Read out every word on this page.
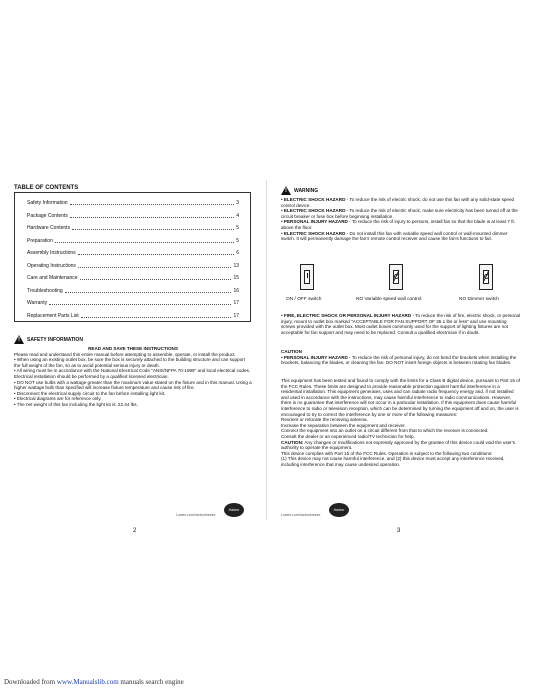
TABLE OF CONTENTS
Safety Information	3
Package Contents	4
Hardware Contents	5
Preparation	5
Assembly Instructions	6
Operating Instructions	13
Care and Maintenance	15
Troubleshooting	16
Warranty	17
Replacement Parts List	17
!
SAFETY INFORMATION

READ AND SAVE THESE INSTRUCTIONS

Please read and understand this entire manual before attempting to assemble, operate, or install the product.

• When using an existing outlet box, be sure the box is securely attached to the building structure and can support the full weight of the fan, so as to avoid potential serious injury or death.

• All wiring must be in accordance with the National Electrical Code "ANSI/NFPA 70-1999" and local electrical codes. Electrical installation should be performed by a qualified licensed electrician.

• DO NOT use bulbs with a wattage greater than the maximum value stated on the fixture and in this manual. Using a higher wattage bulb than specified will increase fixture temperature and cause risk of fire.

• Disconnect the electrical supply circuit to the fan before installing light kit.

• Electrical diagrams are for reference only.

• The net weight of this fan including the light kit is: 22.44 lbs.

Lowes.com/harborbreeze
Harbor Breeze
2
!
WARNING

• ELECTRIC SHOCK HAZARD - To reduce the risk of electric shock, do not use this fan with any solid-state speed control device.

• ELECTRIC SHOCK HAZARD - To reduce the risk of electric shock, make sure electricity has been turned off at the circuit breaker or fuse box before beginning installation.

• PERSONAL INJURY HAZARD - To reduce the risk of injury to persons, install fan so that the blade is at least 7 ft. above the floor.

• ELECTRIC SHOCK HAZARD - Do not install this fan with variable speed wall control or wall-mounted dimmer switch. It will permanently damage the fan's remote control receiver and cause the fan's functions to fail.

ON / OFF switch	NO Variable speed wall control	NO Dimmer switch

• FIRE, ELECTRIC SHOCK OR PERSONAL INJURY HAZARD - To reduce the risk of fire, electric shock, or personal injury, mount to outlet box marked "ACCEPTABLE FOR FAN SUPPORT OF 35.1 lbs or less" and use mounting screws provided with the outlet box. Most outlet boxes commonly used for the support of lighting fixtures are not acceptable for fan support and may need to be replaced. Consult a qualified electrician if in doubt.

CAUTION

• PERSONAL INJURY HAZARD - To reduce the risk of personal injury, do not bend the brackets when installing the brackets, balancing the blades, or cleaning the fan. DO NOT insert foreign objects in between rotating fan blades.

This equipment has been tested and found to comply with the limits for a Class B digital device, pursuant to Part 15 of the FCC Rules. These limits are designed to provide reasonable protection against harmful interference in a residential installation. This equipment generates, uses and can radiate radio frequency energy and, if not installed and used in accordance with the instructions, may cause harmful interference to radio communications. However, there is no guarantee that interference will not occur in a particular installation. If this equipment does cause harmful interference to radio or television reception, which can be determined by turning the equipment off and on, the user is encouraged to try to correct the interference by one or more of the following measures:

Reorient or relocate the receiving antenna.

Increase the separation between the equipment and receiver.

Connect the equipment into an outlet on a circuit different from that to which the receiver is connected.

Consult the dealer or an experienced radio/TV technician for help.

CAUTION: Any changes or modifications not expressly approved by the grantee of this device could void the user's authority to operate the equipment.

This device complies with Part 15 of the FCC Rules. Operation is subject to the following two conditions:

(1) This device may not cause harmful interference, and (2) this device must accept any interference received, including interference that may cause undesired operation.

Lowes.com/harborbreeze
Harbor Breeze
3
Downloaded from www.Manualslib.com manuals search engine
